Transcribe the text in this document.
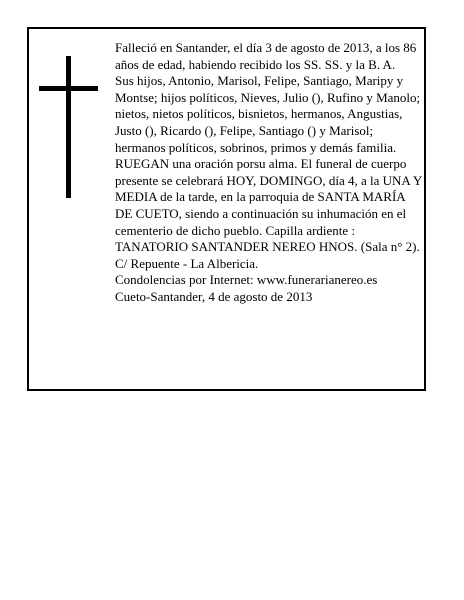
Falleció en Santander, el día 3 de agosto de 2013, a los 86 años de edad, habiendo recibido los SS. SS. y la B. A.

Sus hijos, Antonio, Marisol, Felipe, Santiago, Maripy y Montse; hijos políticos, Nieves, Julio (), Rufino y Manolo; nietos, nietos políticos, bisnietos, hermanos, Angustias, Justo (), Ricardo (), Felipe, Santiago () y Marisol; hermanos políticos, sobrinos, primos y demás familia.

RUEGAN una oración porsu alma. El funeral de cuerpo presente se celebrará HOY, DOMINGO, día 4, a la UNA Y MEDIA de la tarde, en la parroquia de SANTA MARÍA DE CUETO, siendo a continuación su inhumación en el cementerio de dicho pueblo. Capilla ardiente : TANATORIO SANTANDER NEREO HNOS. (Sala n° 2). C/ Repuente - La Albericia.

Condolencias por Internet: www.funerarianereo.es

Cueto-Santander, 4 de agosto de 2013
